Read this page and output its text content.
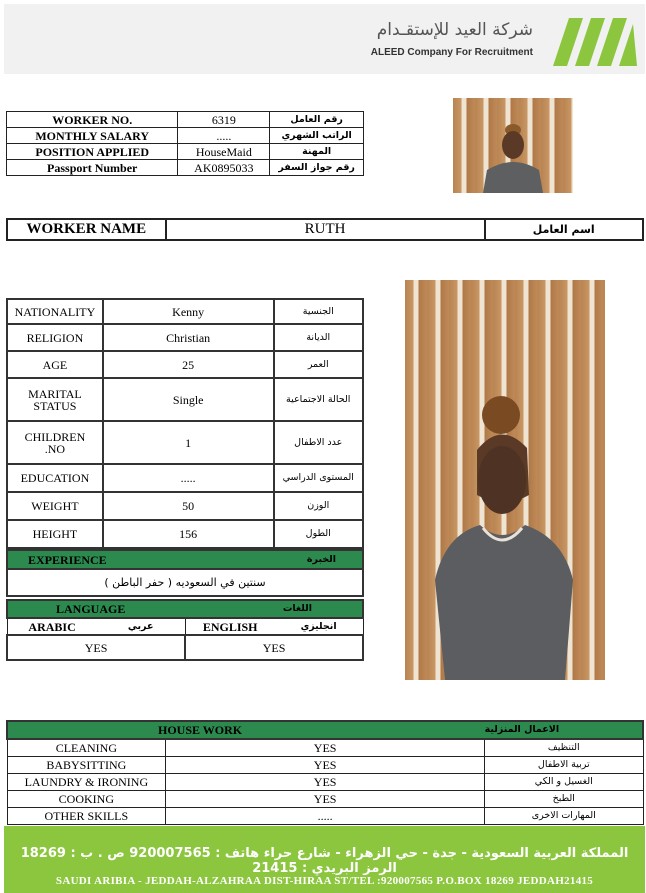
شركة العيد للإستقـدام
ALEED Company For Recruitment
WORKER NO.	6319	رقم العامل
MONTHLY SALARY	.....	الراتب الشهري
POSITION APPLIED	HouseMaid	المهنة
Passport Number	AK0895033	رقم جواز السفر
WORKER NAME	RUTH	اسم العامل
NATIONALITY	Kenny	الجنسية
RELIGION	Christian	الديانة
AGE	25	العمر
MARITAL STATUS	Single	الحالة الاجتماعية
CHILDREN .NO	1	عدد الاطفال
EDUCATION	.....	المستوى الدراسي
WEIGHT	50	الوزن
HEIGHT	156	الطول
EXPERIENCE	الخبرة
سنتين في السعوديه ( حفر الباطن )
LANGUAGE		اللغات	
ARABIC	عربي	ENGLISH	انجليزي
YES		YES	
HOUSE WORK		الاعمال المنزلية
CLEANING	YES	التنظيف
BABYSITTING	YES	تربية الاطفال
LAUNDRY & IRONING	YES	الغسيل و الكي
COOKING	YES	الطبخ
OTHER SKILLS	.....	المهارات الاخرى
المملكة العربية السعودية - جدة - حي الزهراء - شارع حراء هاتف : 920007565 ص . ب : 18269 الرمز البريدي : 21415
SAUDI ARIBIA - JEDDAH-ALZAHRAA DIST-HIRAA ST/TEL :920007565 P.O.BOX 18269 JEDDAH21415
